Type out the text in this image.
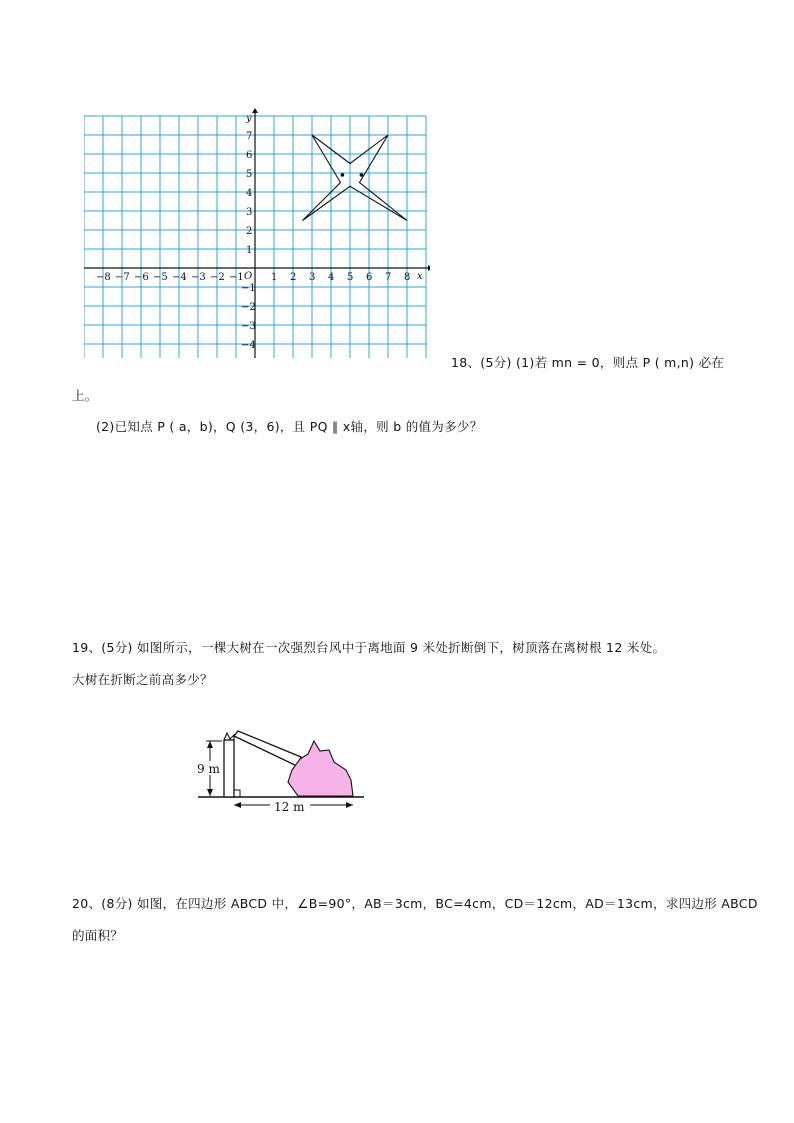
−8 −7 −6 −5 −4 −3 −2 −1	1 2 3 4 5 6 7 8
7
6
5
4
3
2
1
−1
−2
−3
−4
x
y
O
18、(5分) (1)若 mn = 0，则点 P ( m,n) 必在
上。
(2)已知点 P ( a，b)，Q (3，6)，且 PQ ∥ x轴，则 b 的值为多少？
19、(5分) 如图所示，一棵大树在一次强烈台风中于离地面 9 米处折断倒下，树顶落在离树根 12 米处。
大树在折断之前高多少？
12 m
9 m
20、(8分) 如图，在四边形 ABCD 中，∠B=90°，AB＝3cm，BC=4cm，CD＝12cm，AD＝13cm，求四边形 ABCD
的面积？
